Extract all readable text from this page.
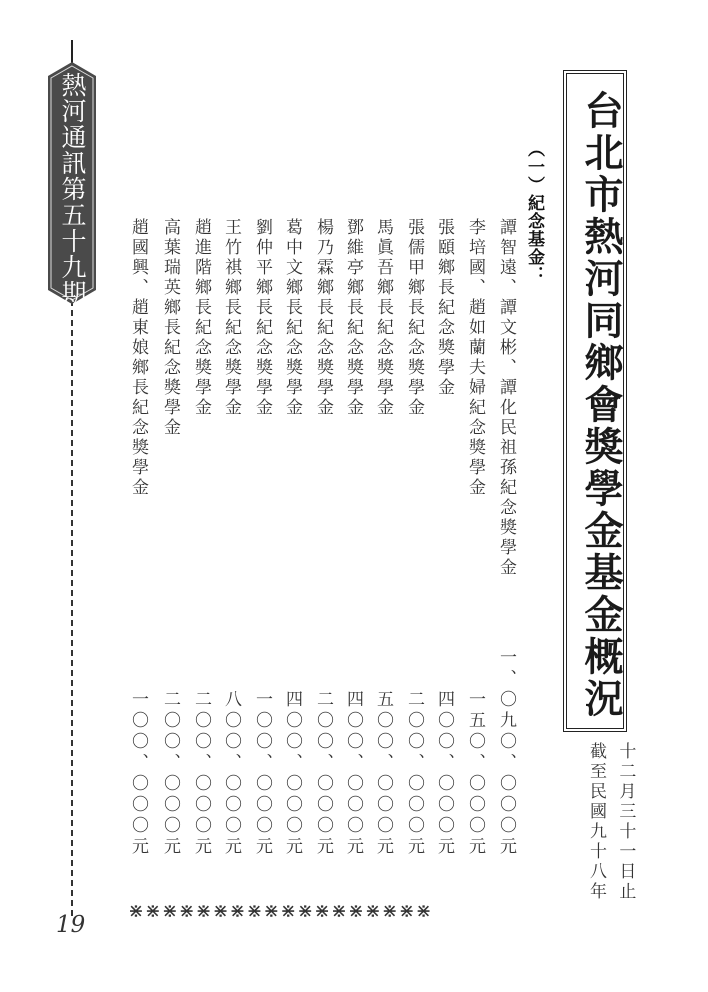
熱河通訊第五十九期
19
台北市熱河同鄉會獎學金基金概況
截至民國九十八年 十二月三十一日止
（一）紀念基金：
譚智遠、譚文彬、譚化民祖孫紀念獎學金
一、〇九〇、〇〇〇元
李培國、趙如蘭夫婦紀念獎學金
一五〇、〇〇〇元
張頤鄉長紀念獎學金
四〇〇、〇〇〇元
張儒甲鄉長紀念獎學金
二〇〇、〇〇〇元
馬眞吾鄉長紀念獎學金
五〇〇、〇〇〇元
鄧維亭鄉長紀念獎學金
四〇〇、〇〇〇元
楊乃霖鄉長紀念獎學金
二〇〇、〇〇〇元
葛中文鄉長紀念獎學金
四〇〇、〇〇〇元
劉仲平鄉長紀念獎學金
一〇〇、〇〇〇元
王竹祺鄉長紀念獎學金
八〇〇、〇〇〇元
趙進階鄉長紀念獎學金
二〇〇、〇〇〇元
高葉瑞英鄉長紀念獎學金
二〇〇、〇〇〇元
趙國興、趙東娘鄉長紀念獎學金
一〇〇、〇〇〇元
⋇⋇⋇⋇⋇⋇⋇⋇⋇⋇⋇⋇⋇⋇⋇⋇⋇⋇
